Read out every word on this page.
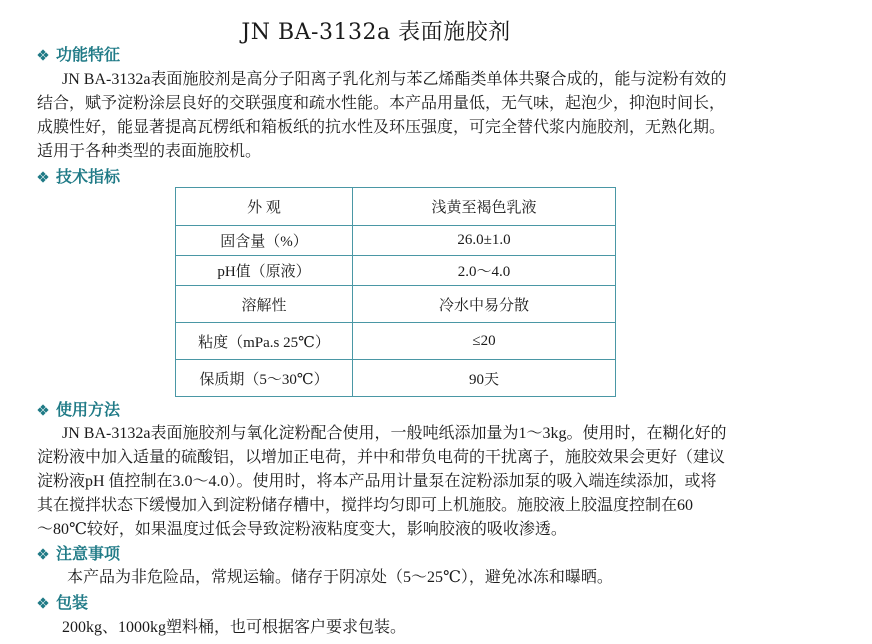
JN BA-3132a 表面施胶剂
功能特征
JN BA-3132a表面施胶剂是高分子阳离子乳化剂与苯乙烯酯类单体共聚合成的，能与淀粉有效的
结合，赋予淀粉涂层良好的交联强度和疏水性能。本产品用量低，无气味，起泡少，抑泡时间长，
成膜性好，能显著提高瓦楞纸和箱板纸的抗水性及环压强度，可完全替代浆内施胶剂，无熟化期。
适用于各种类型的表面施胶机。
技术指标
外 观	浅黄至褐色乳液
固含量（%）	26.0±1.0
pH值（原液）	2.0～4.0
溶解性	冷水中易分散
粘度（mPa.s 25℃）	≤20
保质期（5～30℃）	90天
使用方法
JN BA-3132a表面施胶剂与氧化淀粉配合使用，一般吨纸添加量为1～3kg。使用时，在糊化好的
淀粉液中加入适量的硫酸铝，以增加正电荷，并中和带负电荷的干扰离子，施胶效果会更好（建议
淀粉液pH 值控制在3.0～4.0）。使用时，将本产品用计量泵在淀粉添加泵的吸入端连续添加，或将
其在搅拌状态下缓慢加入到淀粉储存槽中，搅拌均匀即可上机施胶。施胶液上胶温度控制在60
～80℃较好，如果温度过低会导致淀粉液粘度变大，影响胶液的吸收渗透。
注意事项
本产品为非危险品，常规运输。储存于阴凉处（5～25℃），避免冰冻和曝晒。
包装
200kg、1000kg塑料桶，也可根据客户要求包装。
